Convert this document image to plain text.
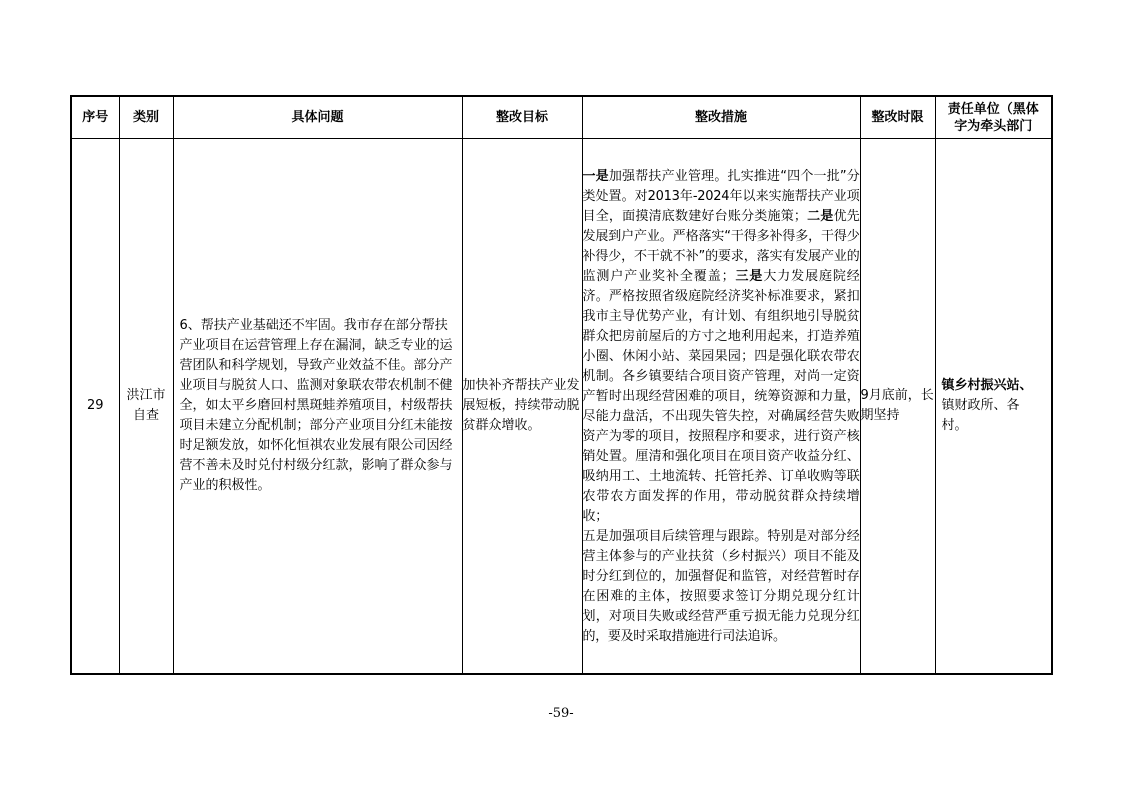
序号	类别	具体问题	整改目标	整改措施	整改时限	责任单位（黑体字为牵头部门
29	洪江市自查	6、帮扶产业基础还不牢固。我市存在部分帮扶产业项目在运营管理上存在漏洞，缺乏专业的运营团队和科学规划，导致产业效益不佳。部分产业项目与脱贫人口、监测对象联农带农机制不健全，如太平乡磨回村黑斑蛙养殖项目，村级帮扶项目未建立分配机制；部分产业项目分红未能按时足额发放，如怀化恒祺农业发展有限公司因经营不善未及时兑付村级分红款，影响了群众参与产业的积极性。	加快补齐帮扶产业发展短板，持续带动脱贫群众增收。	一是加强帮扶产业管理。扎实推进“四个一批”分类处置。对2013年-2024年以来实施帮扶产业项目全，面摸清底数建好台账分类施策；二是优先发展到户产业。严格落实“干得多补得多，干得少补得少，不干就不补”的要求，落实有发展产业的监测户产业奖补全覆盖；三是大力发展庭院经济。严格按照省级庭院经济奖补标准要求，紧扣我市主导优势产业，有计划、有组织地引导脱贫群众把房前屋后的方寸之地利用起来，打造养殖小圈、休闲小站、菜园果园；四是强化联农带农机制。各乡镇要结合项目资产管理，对尚一定资产暂时出现经营困难的项目，统筹资源和力量，尽能力盘活，不出现失管失控，对确属经营失败资产为零的项目，按照程序和要求，进行资产核销处置。厘清和强化项目在项目资产收益分红、吸纳用工、土地流转、托管托养、订单收购等联农带农方面发挥的作用，带动脱贫群众持续增收；
五是加强项目后续管理与跟踪。特别是对部分经营主体参与的产业扶贫（乡村振兴）项目不能及时分红到位的，加强督促和监管，对经营暂时存在困难的主体，按照要求签订分期兑现分红计划，对项目失败或经营严重亏损无能力兑现分红的，要及时采取措施进行司法追诉。	9月底前，长期坚持	镇乡村振兴站、镇财政所、各村。
-59-
